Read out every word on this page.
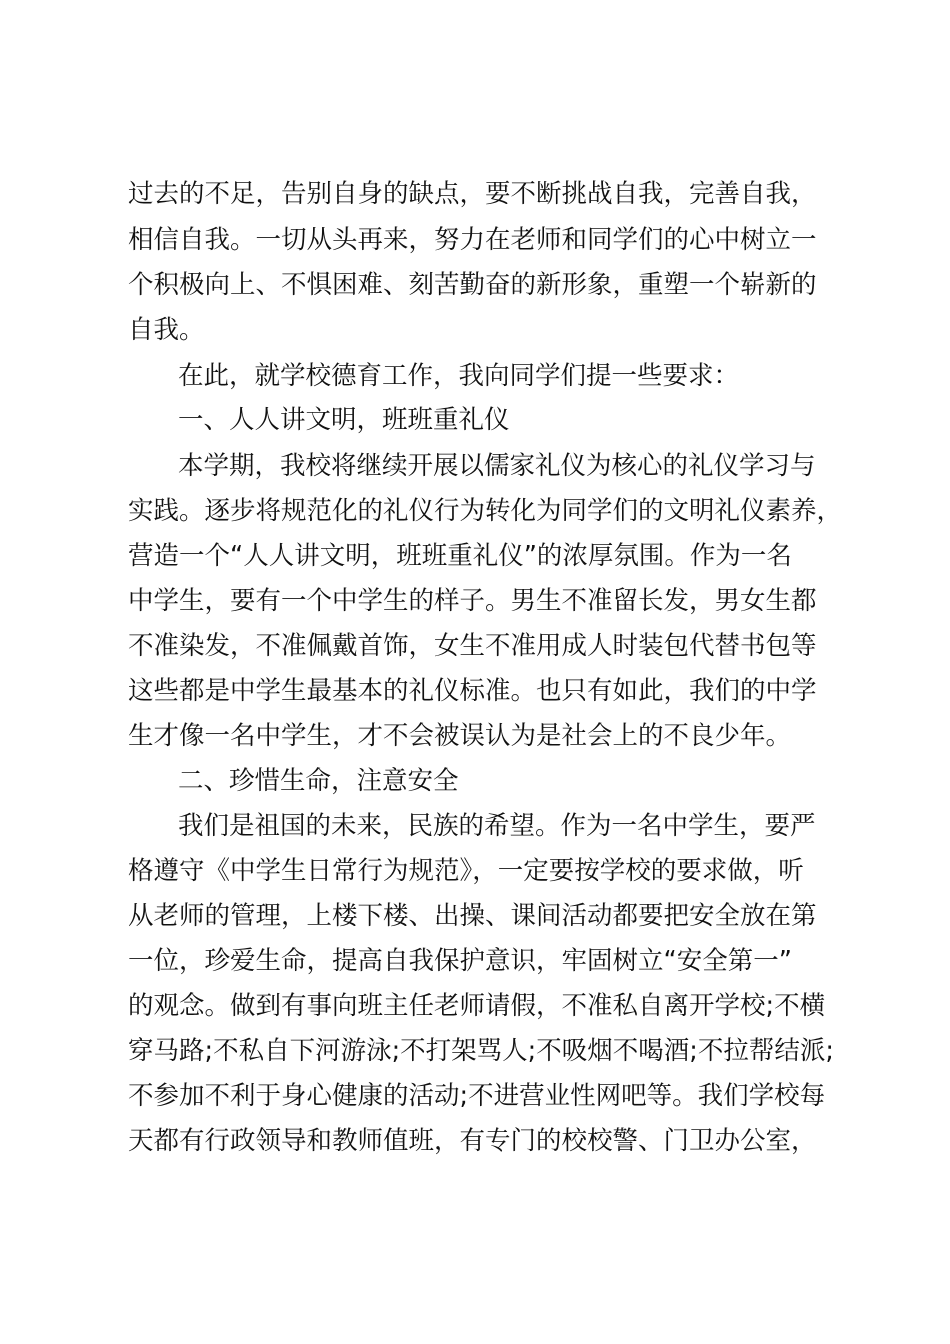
过去的不足，告别自身的缺点，要不断挑战自我，完善自我，
相信自我。一切从头再来，努力在老师和同学们的心中树立一
个积极向上、不惧困难、刻苦勤奋的新形象，重塑一个崭新的
自我。
在此，就学校德育工作，我向同学们提一些要求：
一、人人讲文明，班班重礼仪
本学期，我校将继续开展以儒家礼仪为核心的礼仪学习与
实践。逐步将规范化的礼仪行为转化为同学们的文明礼仪素养，
营造一个“人人讲文明，班班重礼仪”的浓厚氛围。作为一名
中学生，要有一个中学生的样子。男生不准留长发，男女生都
不准染发，不准佩戴首饰，女生不准用成人时装包代替书包等
这些都是中学生最基本的礼仪标准。也只有如此，我们的中学
生才像一名中学生，才不会被误认为是社会上的不良少年。
二、珍惜生命，注意安全
我们是祖国的未来，民族的希望。作为一名中学生，要严
格遵守《中学生日常行为规范》，一定要按学校的要求做，听
从老师的管理，上楼下楼、出操、课间活动都要把安全放在第
一位，珍爱生命，提高自我保护意识，牢固树立“安全第一”
的观念。做到有事向班主任老师请假，不准私自离开学校;不横
穿马路;不私自下河游泳;不打架骂人;不吸烟不喝酒;不拉帮结派;
不参加不利于身心健康的活动;不进营业性网吧等。我们学校每
天都有行政领导和教师值班，有专门的校校警、门卫办公室，
